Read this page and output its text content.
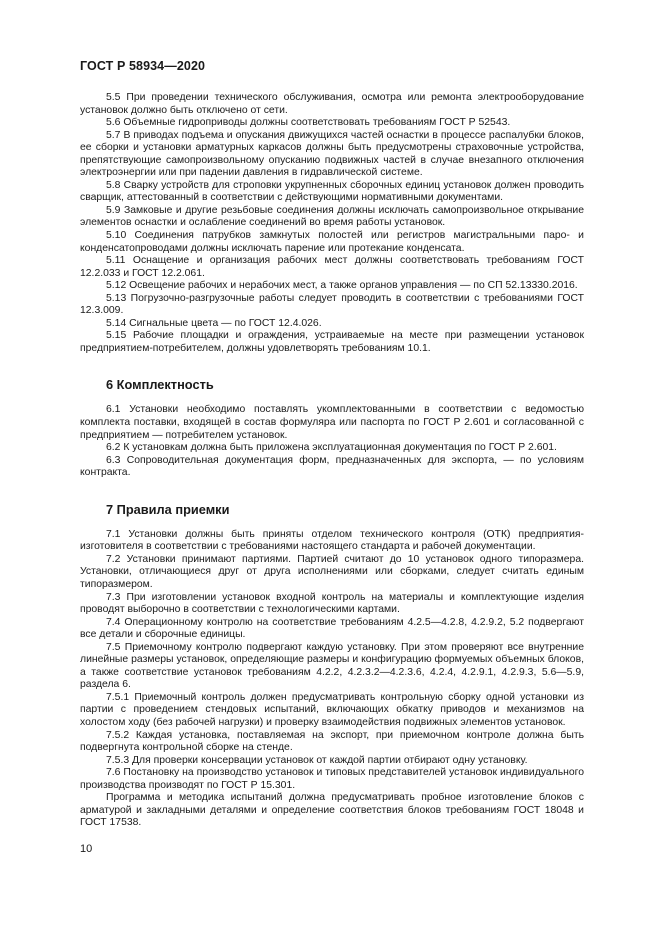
ГОСТ Р 58934—2020

5.5 При проведении технического обслуживания, осмотра или ремонта электрооборудование установок должно быть отключено от сети.

5.6 Объемные гидроприводы должны соответствовать требованиям ГОСТ Р 52543.

5.7 В приводах подъема и опускания движущихся частей оснастки в процессе распалубки блоков, ее сборки и установки арматурных каркасов должны быть предусмотрены страховочные устройства, препятствующие самопроизвольному опусканию подвижных частей в случае внезапного отключения электроэнергии или при падении давления в гидравлической системе.

5.8 Сварку устройств для строповки укрупненных сборочных единиц установок должен проводить сварщик, аттестованный в соответствии с действующими нормативными документами.

5.9 Замковые и другие резьбовые соединения должны исключать самопроизвольное открывание элементов оснастки и ослабление соединений во время работы установок.

5.10 Соединения патрубков замкнутых полостей или регистров магистральными паро- и конденсатопроводами должны исключать парение или протекание конденсата.

5.11 Оснащение и организация рабочих мест должны соответствовать требованиям ГОСТ 12.2.033 и ГОСТ 12.2.061.

5.12 Освещение рабочих и нерабочих мест, а также органов управления — по СП 52.13330.2016.

5.13 Погрузочно-разгрузочные работы следует проводить в соответствии с требованиями ГОСТ 12.3.009.

5.14 Сигнальные цвета — по ГОСТ 12.4.026.

5.15 Рабочие площадки и ограждения, устраиваемые на месте при размещении установок предприятием-потребителем, должны удовлетворять требованиям 10.1.

6 Комплектность

6.1 Установки необходимо поставлять укомплектованными в соответствии с ведомостью комплекта поставки, входящей в состав формуляра или паспорта по ГОСТ Р 2.601 и согласованной с предприятием — потребителем установок.

6.2 К установкам должна быть приложена эксплуатационная документация по ГОСТ Р 2.601.

6.3 Сопроводительная документация форм, предназначенных для экспорта, — по условиям контракта.

7 Правила приемки

7.1 Установки должны быть приняты отделом технического контроля (ОТК) предприятия-изготовителя в соответствии с требованиями настоящего стандарта и рабочей документации.

7.2 Установки принимают партиями. Партией считают до 10 установок одного типоразмера. Установки, отличающиеся друг от друга исполнениями или сборками, следует считать единым типоразмером.

7.3 При изготовлении установок входной контроль на материалы и комплектующие изделия проводят выборочно в соответствии с технологическими картами.

7.4 Операционному контролю на соответствие требованиям 4.2.5—4.2.8, 4.2.9.2, 5.2 подвергают все детали и сборочные единицы.

7.5 Приемочному контролю подвергают каждую установку. При этом проверяют все внутренние линейные размеры установок, определяющие размеры и конфигурацию формуемых объемных блоков, а также соответствие установок требованиям 4.2.2, 4.2.3.2—4.2.3.6, 4.2.4, 4.2.9.1, 4.2.9.3, 5.6—5.9, раздела 6.

7.5.1 Приемочный контроль должен предусматривать контрольную сборку одной установки из партии с проведением стендовых испытаний, включающих обкатку приводов и механизмов на холостом ходу (без рабочей нагрузки) и проверку взаимодействия подвижных элементов установок.

7.5.2 Каждая установка, поставляемая на экспорт, при приемочном контроле должна быть подвергнута контрольной сборке на стенде.

7.5.3 Для проверки консервации установок от каждой партии отбирают одну установку.

7.6 Постановку на производство установок и типовых представителей установок индивидуального производства производят по ГОСТ Р 15.301.

Программа и методика испытаний должна предусматривать пробное изготовление блоков с арматурой и закладными деталями и определение соответствия блоков требованиям ГОСТ 18048 и ГОСТ 17538.

10
